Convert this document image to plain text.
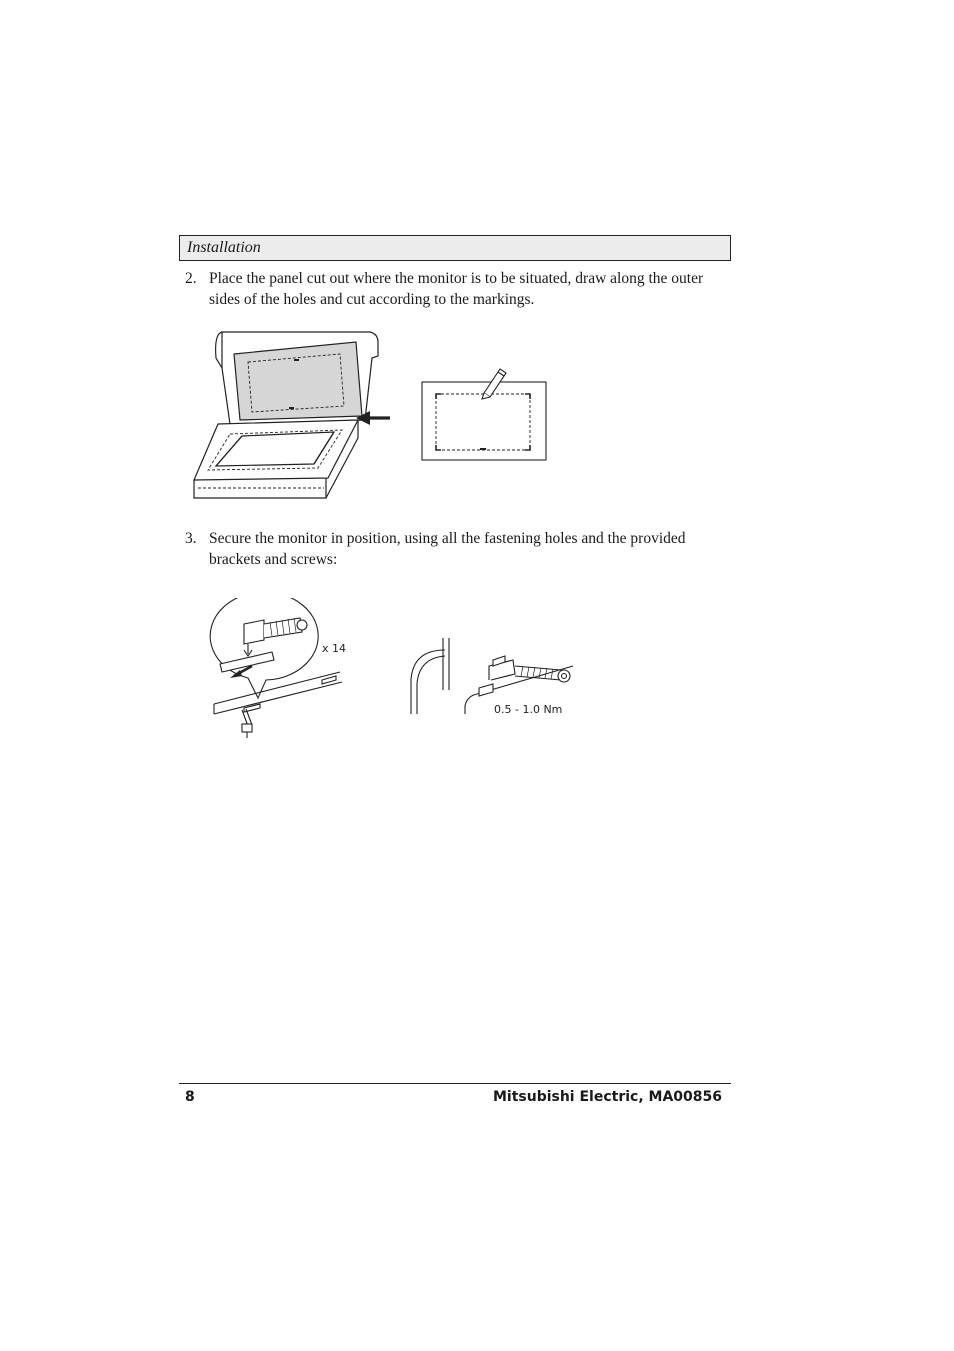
Installation
2. Place the panel cut out where the monitor is to be situated, draw along the outer sides of the holes and cut according to the markings.
3. Secure the monitor in position, using all the fastening holes and the provided brackets and screws:
x 14
0.5 - 1.0 Nm
8	Mitsubishi Electric, MA00856
